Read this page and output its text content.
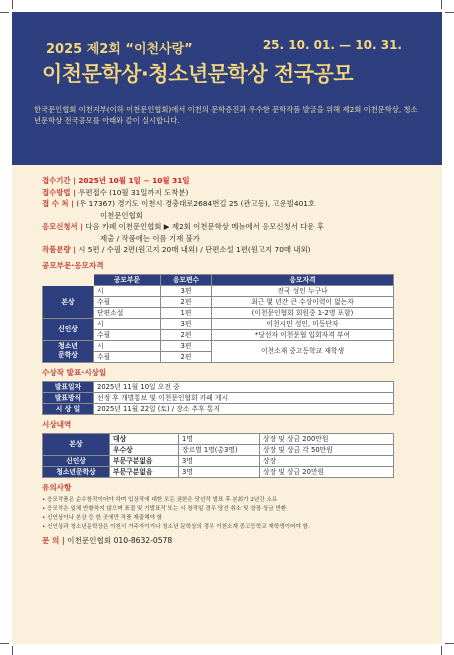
2025 제2회 “이천사랑”	25. 10. 01. — 10. 31.
이천문학상·청소년문학상 전국공모
한국문인협회 이천지부(이하 이천문인협회)에서 이천의 문학증진과 우수한 문학작품 발굴을 위해 제2회 이천문학상, 청소년문학상 전국공모를 아래와 같이 실시합니다.
접수기간 |
2025년 10월 1일 ~ 10월 31일
접수방법 |
우편접수 (10월 31일까지 도착분)
접 수 처 |
(우 17367) 경기도 이천시 경충대로2684번길 25 (관고동), 고운빌401호
이천문인협회
응모신청서 |
다음 카페 이천문인협회 ▶ 제2회 이천문학상 메뉴에서 응모신청서 다운 후
제출 / 작품에는 이름 기재 불가
작품분량 |
시 5편 / 수필 2편(원고지 20매 내외) / 단편소설 1편(원고지 70매 내외)
공모부문·응모자격
	공모부문	응모편수	응모자격
본상	시	3편	전국 성인 누구나
	수필	2편	최근 몇 년간 큰 수상이력이 없는자
	단편소설	1편	(이천문인협회 회원중 1-2명 포함)
신인상	시	3편	이천시민 성인, 미등단자
	수필	2편	*당선자 이천문협 입회자격 부여
청소년
문학상	시	3편	이천소재 중고등학교 재학생
	수필	2편	
수상작 발표·시상일
발표일자	2025년 11월 10일 오전 중
발표방식	선정 후 개별통보 및 이천문인협회 카페 게시
시 상 일	2025년 11월 22일 (토) / 장소 추후 통지
시상내역
본상	대상	1명	상장 및 상금 200만원
	우수상	장르별 1명(총3명)	상장 및 상금 각 50만원
신인상	부문구분없음	3명	상장
청소년문학상	부문구분없음	3명	상장 및 상금 20만원
유의사항
• 응모작품은 순수창작이어야 하며 입상작에 대한 모든 권한은 당선작 발표 후 본회가 2년간 소유
• 응모작은 일체 반환하지 않으며 표절 및 기발표작 또는 시 창작일 경우 당선 취소 및 상장·상금 반환
• 신인상이나 본상 등 한 곳에만 작품 제출해야 함
• 신인상과 청소년문학상은 이천시 거주자이거나 청소년 문학상의 경우 이천소재 중고등학교 재학생이어야 함.
문 의 | 이천문인협회 010-8632-0578
